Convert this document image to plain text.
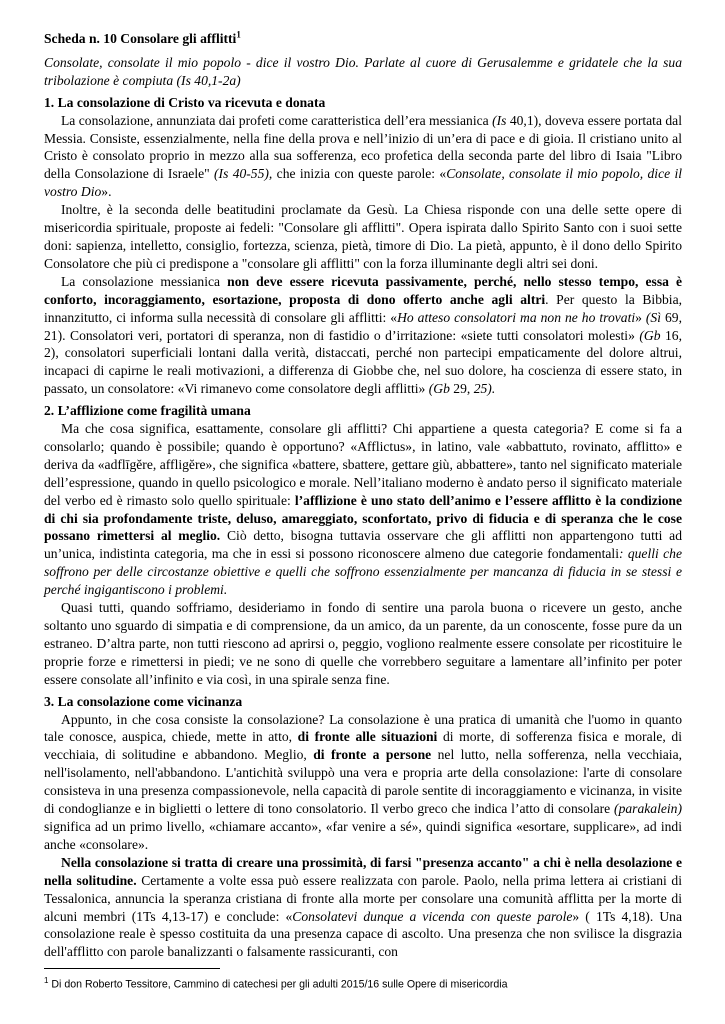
Scheda n. 10 Consolare gli afflitti$^1$

Consolate, consolate il mio popolo - dice il vostro Dio. Parlate al cuore di Gerusalemme e gridatele che la sua tribolazione è compiuta (Is 40,1-2a)

1. La consolazione di Cristo va ricevuta e donata

La consolazione, annunziata dai profeti come caratteristica dell’era messianica (Is 40,1), doveva essere portata dal Messia. Consiste, essenzialmente, nella fine della prova e nell’inizio di un’era di pace e di gioia. Il cristiano unito al Cristo è consolato proprio in mezzo alla sua sofferenza, eco profetica della seconda parte del libro di Isaia "Libro della Consolazione di Israele" (Is 40-55), che inizia con queste parole: «Consolate, consolate il mio popolo, dice il vostro Dio».

Inoltre, è la seconda delle beatitudini proclamate da Gesù. La Chiesa risponde con una delle sette opere di misericordia spirituale, proposte ai fedeli: "Consolare gli afflitti". Opera ispirata dallo Spirito Santo con i suoi sette doni: sapienza, intelletto, consiglio, fortezza, scienza, pietà, timore di Dio. La pietà, appunto, è il dono dello Spirito Consolatore che più ci predispone a "consolare gli afflitti" con la forza illuminante degli altri sei doni.

La consolazione messianica non deve essere ricevuta passivamente, perché, nello stesso tempo, essa è conforto, incoraggiamento, esortazione, proposta di dono offerto anche agli altri. Per questo la Bibbia, innanzitutto, ci informa sulla necessità di consolare gli afflitti: «Ho atteso consolatori ma non ne ho trovati» (Sì 69, 21). Consolatori veri, portatori di speranza, non di fastidio o d’irritazione: «siete tutti consolatori molesti» (Gb 16, 2), consolatori superficiali lontani dalla verità, distaccati, perché non partecipi empaticamente del dolore altrui, incapaci di capirne le reali motivazioni, a differenza di Giobbe che, nel suo dolore, ha coscienza di essere stato, in passato, un consolatore: «Vi rimanevo come consolatore degli afflitti» (Gb 29, 25).

2. L’afflizione come fragilità umana

Ma che cosa significa, esattamente, consolare gli afflitti? Chi appartiene a questa categoria? E come si fa a consolarlo; quando è possibile; quando è opportuno? «Afflictus», in latino, vale «abbattuto, rovinato, afflitto» e deriva da «adflīgĕre, affligĕre», che significa «battere, sbattere, gettare giù, abbattere», tanto nel significato materiale dell’espressione, quando in quello psicologico e morale. Nell’italiano moderno è andato perso il significato materiale del verbo ed è rimasto solo quello spirituale: l’afflizione è uno stato dell’animo e l’essere afflitto è la condizione di chi sia profondamente triste, deluso, amareggiato, sconfortato, privo di fiducia e di speranza che le cose possano rimettersi al meglio. Ciò detto, bisogna tuttavia osservare che gli afflitti non appartengono tutti ad un’unica, indistinta categoria, ma che in essi si possono riconoscere almeno due categorie fondamentali: quelli che soffrono per delle circostanze obiettive e quelli che soffrono essenzialmente per mancanza di fiducia in se stessi e perché ingigantiscono i problemi.

Quasi tutti, quando soffriamo, desideriamo in fondo di sentire una parola buona o ricevere un gesto, anche soltanto uno sguardo di simpatia e di comprensione, da un amico, da un parente, da un conoscente, fosse pure da un estraneo. D’altra parte, non tutti riescono ad aprirsi o, peggio, vogliono realmente essere consolate per ricostituire le proprie forze e rimettersi in piedi; ve ne sono di quelle che vorrebbero seguitare a lamentare all’infinito per poter essere consolate all’infinito e via così, in una spirale senza fine.

3. La consolazione come vicinanza

Appunto, in che cosa consiste la consolazione? La consolazione è una pratica di umanità che l'uomo in quanto tale conosce, auspica, chiede, mette in atto, di fronte alle situazioni di morte, di sofferenza fisica e morale, di vecchiaia, di solitudine e abbandono. Meglio, di fronte a persone nel lutto, nella sofferenza, nella vecchiaia, nell'isolamento, nell'abbandono. L'antichità sviluppò una vera e propria arte della consolazione: l'arte di consolare consisteva in una presenza compassionevole, nella capacità di parole sentite di incoraggiamento e vicinanza, in visite di condoglianze e in biglietti o lettere di tono consolatorio. Il verbo greco che indica l’atto di consolare (parakalein) significa ad un primo livello, «chiamare accanto», «far venire a sé», quindi significa «esortare, supplicare», ad indi anche «consolare».

Nella consolazione si tratta di creare una prossimità, di farsi "presenza accanto" a chi è nella desolazione e nella solitudine. Certamente a volte essa può essere realizzata con parole. Paolo, nella prima lettera ai cristiani di Tessalonica, annuncia la speranza cristiana di fronte alla morte per consolare una comunità afflitta per la morte di alcuni membri (1Ts 4,13-17) e conclude: «Consolatevi dunque a vicenda con queste parole» ( 1Ts 4,18). Una consolazione reale è spesso costituita da una presenza capace di ascolto. Una presenza che non svilisce la disgrazia dell'afflitto con parole banalizzanti o falsamente rassicuranti, con

$^1$ Di don Roberto Tessitore, Cammino di catechesi per gli adulti 2015/16 sulle Opere di misericordia
